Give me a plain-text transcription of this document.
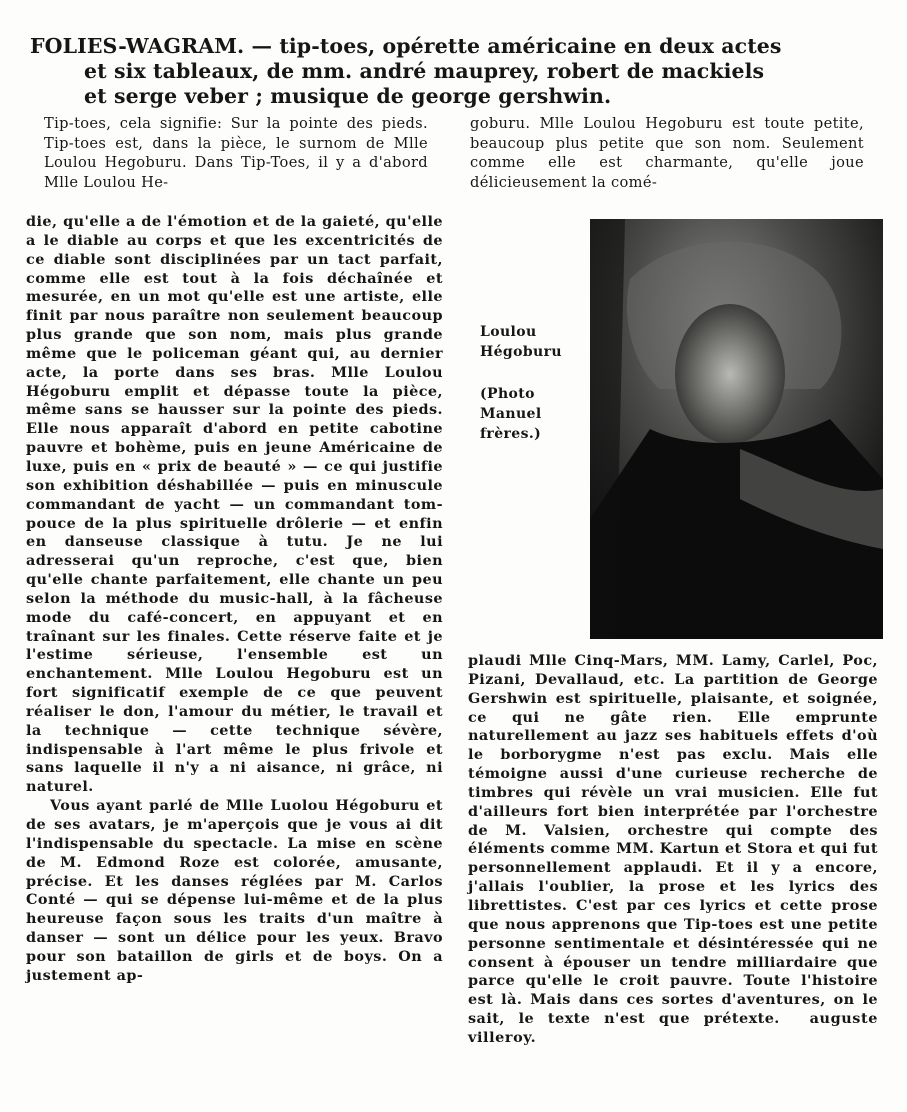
FOLIES-WAGRAM. — tip-toes, opérette américaine en deux actes
et six tableaux, de mm. andré mauprey, robert de mackiels
et serge veber ; musique de george gershwin.
Tip-toes, cela signifie: Sur la pointe des pieds. Tip-toes est, dans la pièce, le surnom de Mlle Loulou Hegoburu. Dans Tip-Toes, il y a d'abord Mlle Loulou He-
goburu. Mlle Loulou Hegoburu est toute petite, beaucoup plus petite que son nom. Seulement comme elle est charmante, qu'elle joue délicieusement la comé-

die, qu'elle a de l'émotion et de la gaieté, qu'elle a le diable au corps et que les excentricités de ce diable sont disciplinées par un tact parfait, comme elle est tout à la fois déchaînée et mesurée, en un mot qu'elle est une artiste, elle finit par nous paraître non seulement beaucoup plus grande que son nom, mais plus grande même que le policeman géant qui, au dernier acte, la porte dans ses bras. Mlle Loulou Hégoburu emplit et dépasse toute la pièce, même sans se hausser sur la pointe des pieds. Elle nous apparaît d'abord en petite cabotine pauvre et bohème, puis en jeune Américaine de luxe, puis en « prix de beauté » — ce qui justifie son exhibition déshabillée — puis en minuscule commandant de yacht — un commandant tom-pouce de la plus spirituelle drôlerie — et enfin en danseuse classique à tutu. Je ne lui adresserai qu'un reproche, c'est que, bien qu'elle chante parfaitement, elle chante un peu selon la méthode du music-hall, à la fâcheuse mode du café-concert, en appuyant et en traînant sur les finales. Cette réserve faite et je l'estime sérieuse, l'ensemble est un enchantement. Mlle Loulou Hegoburu est un fort significatif exemple de ce que peuvent réaliser le don, l'amour du métier, le travail et la technique — cette technique sévère, indispensable à l'art même le plus frivole et sans laquelle il n'y a ni aisance, ni grâce, ni naturel.

Vous ayant parlé de Mlle Luolou Hégoburu et de ses avatars, je m'aperçois que je vous ai dit l'indispensable du spectacle. La mise en scène de M. Edmond Roze est colorée, amusante, précise. Et les danses réglées par M. Carlos Conté — qui se dépense lui-même et de la plus heureuse façon sous les traits d'un maître à danser — sont un délice pour les yeux. Bravo pour son bataillon de girls et de boys. On a justement ap-

Loulou Hégoburu
(Photo Manuel frères.)

plaudi Mlle Cinq-Mars, MM. Lamy, Carlel, Poc, Pizani, Devallaud, etc. La partition de George Gershwin est spirituelle, plaisante, et soignée, ce qui ne gâte rien. Elle emprunte naturellement au jazz ses habituels effets d'où le borborygme n'est pas exclu. Mais elle témoigne aussi d'une curieuse recherche de timbres qui révèle un vrai musicien. Elle fut d'ailleurs fort bien interprétée par l'orchestre de M. Valsien, orchestre qui compte des éléments comme MM. Kartun et Stora et qui fut personnellement applaudi. Et il y a encore, j'allais l'oublier, la prose et les lyrics des librettistes. C'est par ces lyrics et cette prose que nous apprenons que Tip-toes est une petite personne sentimentale et désintéressée qui ne consent à épouser un tendre milliardaire que parce qu'elle le croit pauvre. Toute l'histoire est là. Mais dans ces sortes d'aventures, on le sait, le texte n'est que prétexte. auguste villeroy.
